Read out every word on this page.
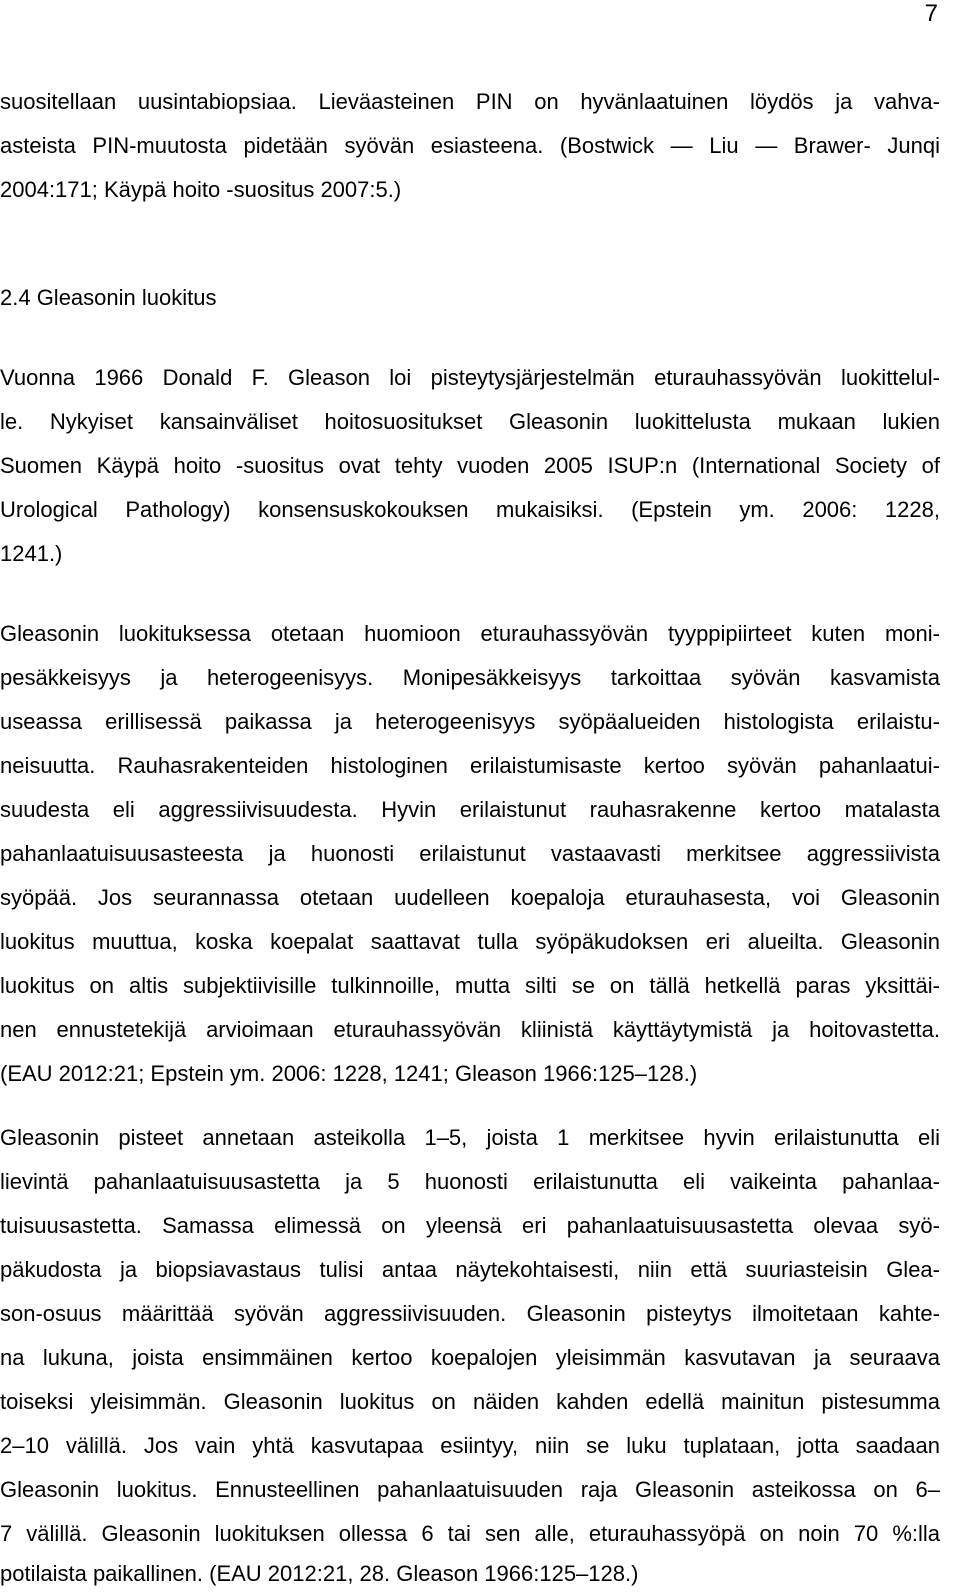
7
suositellaan uusintabiopsiaa. Lieväasteinen PIN on hyvänlaatuinen löydös ja vahva-
asteista PIN-muutosta pidetään syövän esiasteena. (Bostwick — Liu — Brawer- Junqi
2004:171; Käypä hoito -suositus 2007:5.)
2.4 Gleasonin luokitus
Vuonna 1966 Donald F. Gleason loi pisteytysjärjestelmän eturauhassyövän luokittelul-
le. Nykyiset kansainväliset hoitosuositukset Gleasonin luokittelusta mukaan lukien
Suomen Käypä hoito -suositus ovat tehty vuoden 2005 ISUP:n (International Society of
Urological Pathology) konsensuskokouksen mukaisiksi. (Epstein ym. 2006: 1228,
1241.)
Gleasonin luokituksessa otetaan huomioon eturauhassyövän tyyppipiirteet kuten moni-
pesäkkeisyys ja heterogeenisyys. Monipesäkkeisyys tarkoittaa syövän kasvamista
useassa erillisessä paikassa ja heterogeenisyys syöpäalueiden histologista erilaistu-
neisuutta. Rauhasrakenteiden histologinen erilaistumisaste kertoo syövän pahanlaatui-
suudesta eli aggressiivisuudesta. Hyvin erilaistunut rauhasrakenne kertoo matalasta
pahanlaatuisuusasteesta ja huonosti erilaistunut vastaavasti merkitsee aggressiivista
syöpää. Jos seurannassa otetaan uudelleen koepaloja eturauhasesta, voi Gleasonin
luokitus muuttua, koska koepalat saattavat tulla syöpäkudoksen eri alueilta. Gleasonin
luokitus on altis subjektiivisille tulkinnoille, mutta silti se on tällä hetkellä paras yksittäi-
nen ennustetekijä arvioimaan eturauhassyövän kliinistä käyttäytymistä ja hoitovastetta.
(EAU 2012:21; Epstein ym. 2006: 1228, 1241; Gleason 1966:125–128.)
Gleasonin pisteet annetaan asteikolla 1–5, joista 1 merkitsee hyvin erilaistunutta eli
lievintä pahanlaatuisuusastetta ja 5 huonosti erilaistunutta eli vaikeinta pahanlaa-
tuisuusastetta. Samassa elimessä on yleensä eri pahanlaatuisuusastetta olevaa syö-
päkudosta ja biopsiavastaus tulisi antaa näytekohtaisesti, niin että suuriasteisin Glea-
son-osuus määrittää syövän aggressiivisuuden. Gleasonin pisteytys ilmoitetaan kahte-
na lukuna, joista ensimmäinen kertoo koepalojen yleisimmän kasvutavan ja seuraava
toiseksi yleisimmän. Gleasonin luokitus on näiden kahden edellä mainitun pistesumma
2–10 välillä. Jos vain yhtä kasvutapaa esiintyy, niin se luku tuplataan, jotta saadaan
Gleasonin luokitus. Ennusteellinen pahanlaatuisuuden raja Gleasonin asteikossa on 6–
7 välillä. Gleasonin luokituksen ollessa 6 tai sen alle, eturauhassyöpä on noin 70 %:lla
potilaista paikallinen. (EAU 2012:21, 28. Gleason 1966:125–128.)
